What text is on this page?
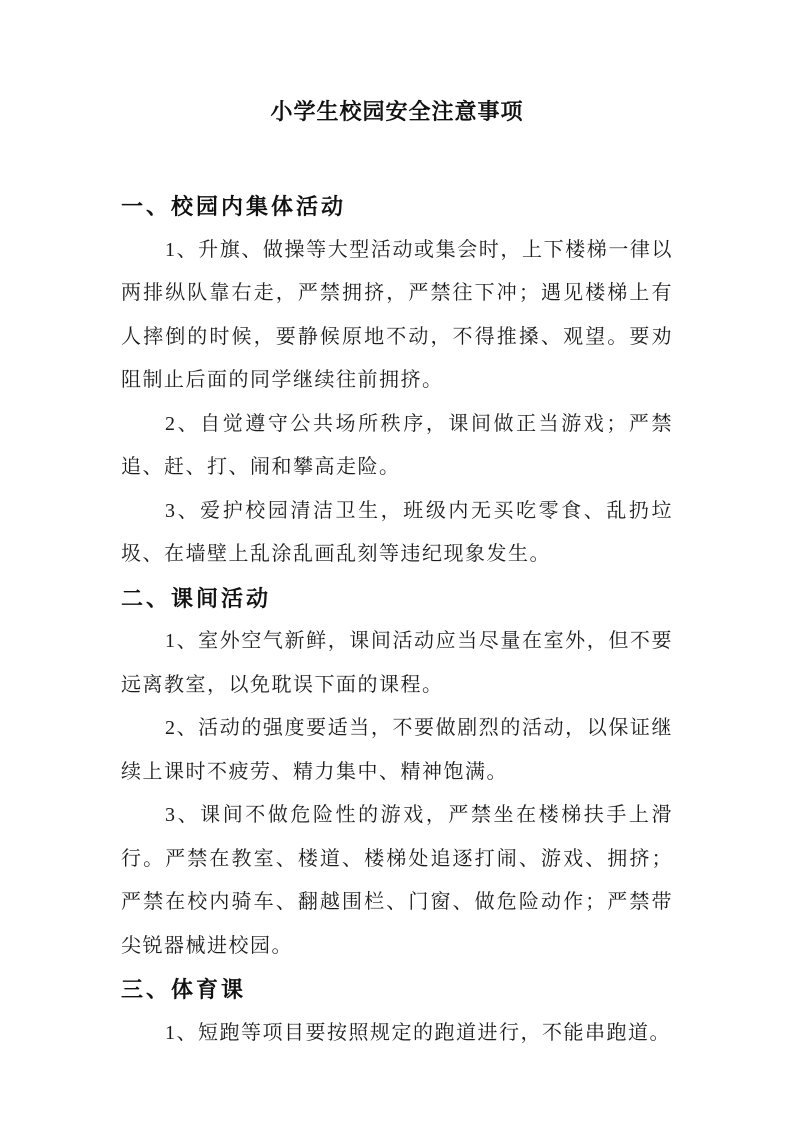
小学生校园安全注意事项
一、校园内集体活动

1、升旗、做操等大型活动或集会时，上下楼梯一律以两排纵队靠右走，严禁拥挤，严禁往下冲；遇见楼梯上有人摔倒的时候，要静候原地不动，不得推搡、观望。要劝阻制止后面的同学继续往前拥挤。

2、自觉遵守公共场所秩序，课间做正当游戏；严禁追、赶、打、闹和攀高走险。

3、爱护校园清洁卫生，班级内无买吃零食、乱扔垃圾、在墙壁上乱涂乱画乱刻等违纪现象发生。

二、课间活动

1、室外空气新鲜，课间活动应当尽量在室外，但不要远离教室，以免耽误下面的课程。

2、活动的强度要适当，不要做剧烈的活动，以保证继续上课时不疲劳、精力集中、精神饱满。

3、课间不做危险性的游戏，严禁坐在楼梯扶手上滑行。严禁在教室、楼道、楼梯处追逐打闹、游戏、拥挤；严禁在校内骑车、翻越围栏、门窗、做危险动作；严禁带尖锐器械进校园。

三、体育课

1、短跑等项目要按照规定的跑道进行，不能串跑道。
